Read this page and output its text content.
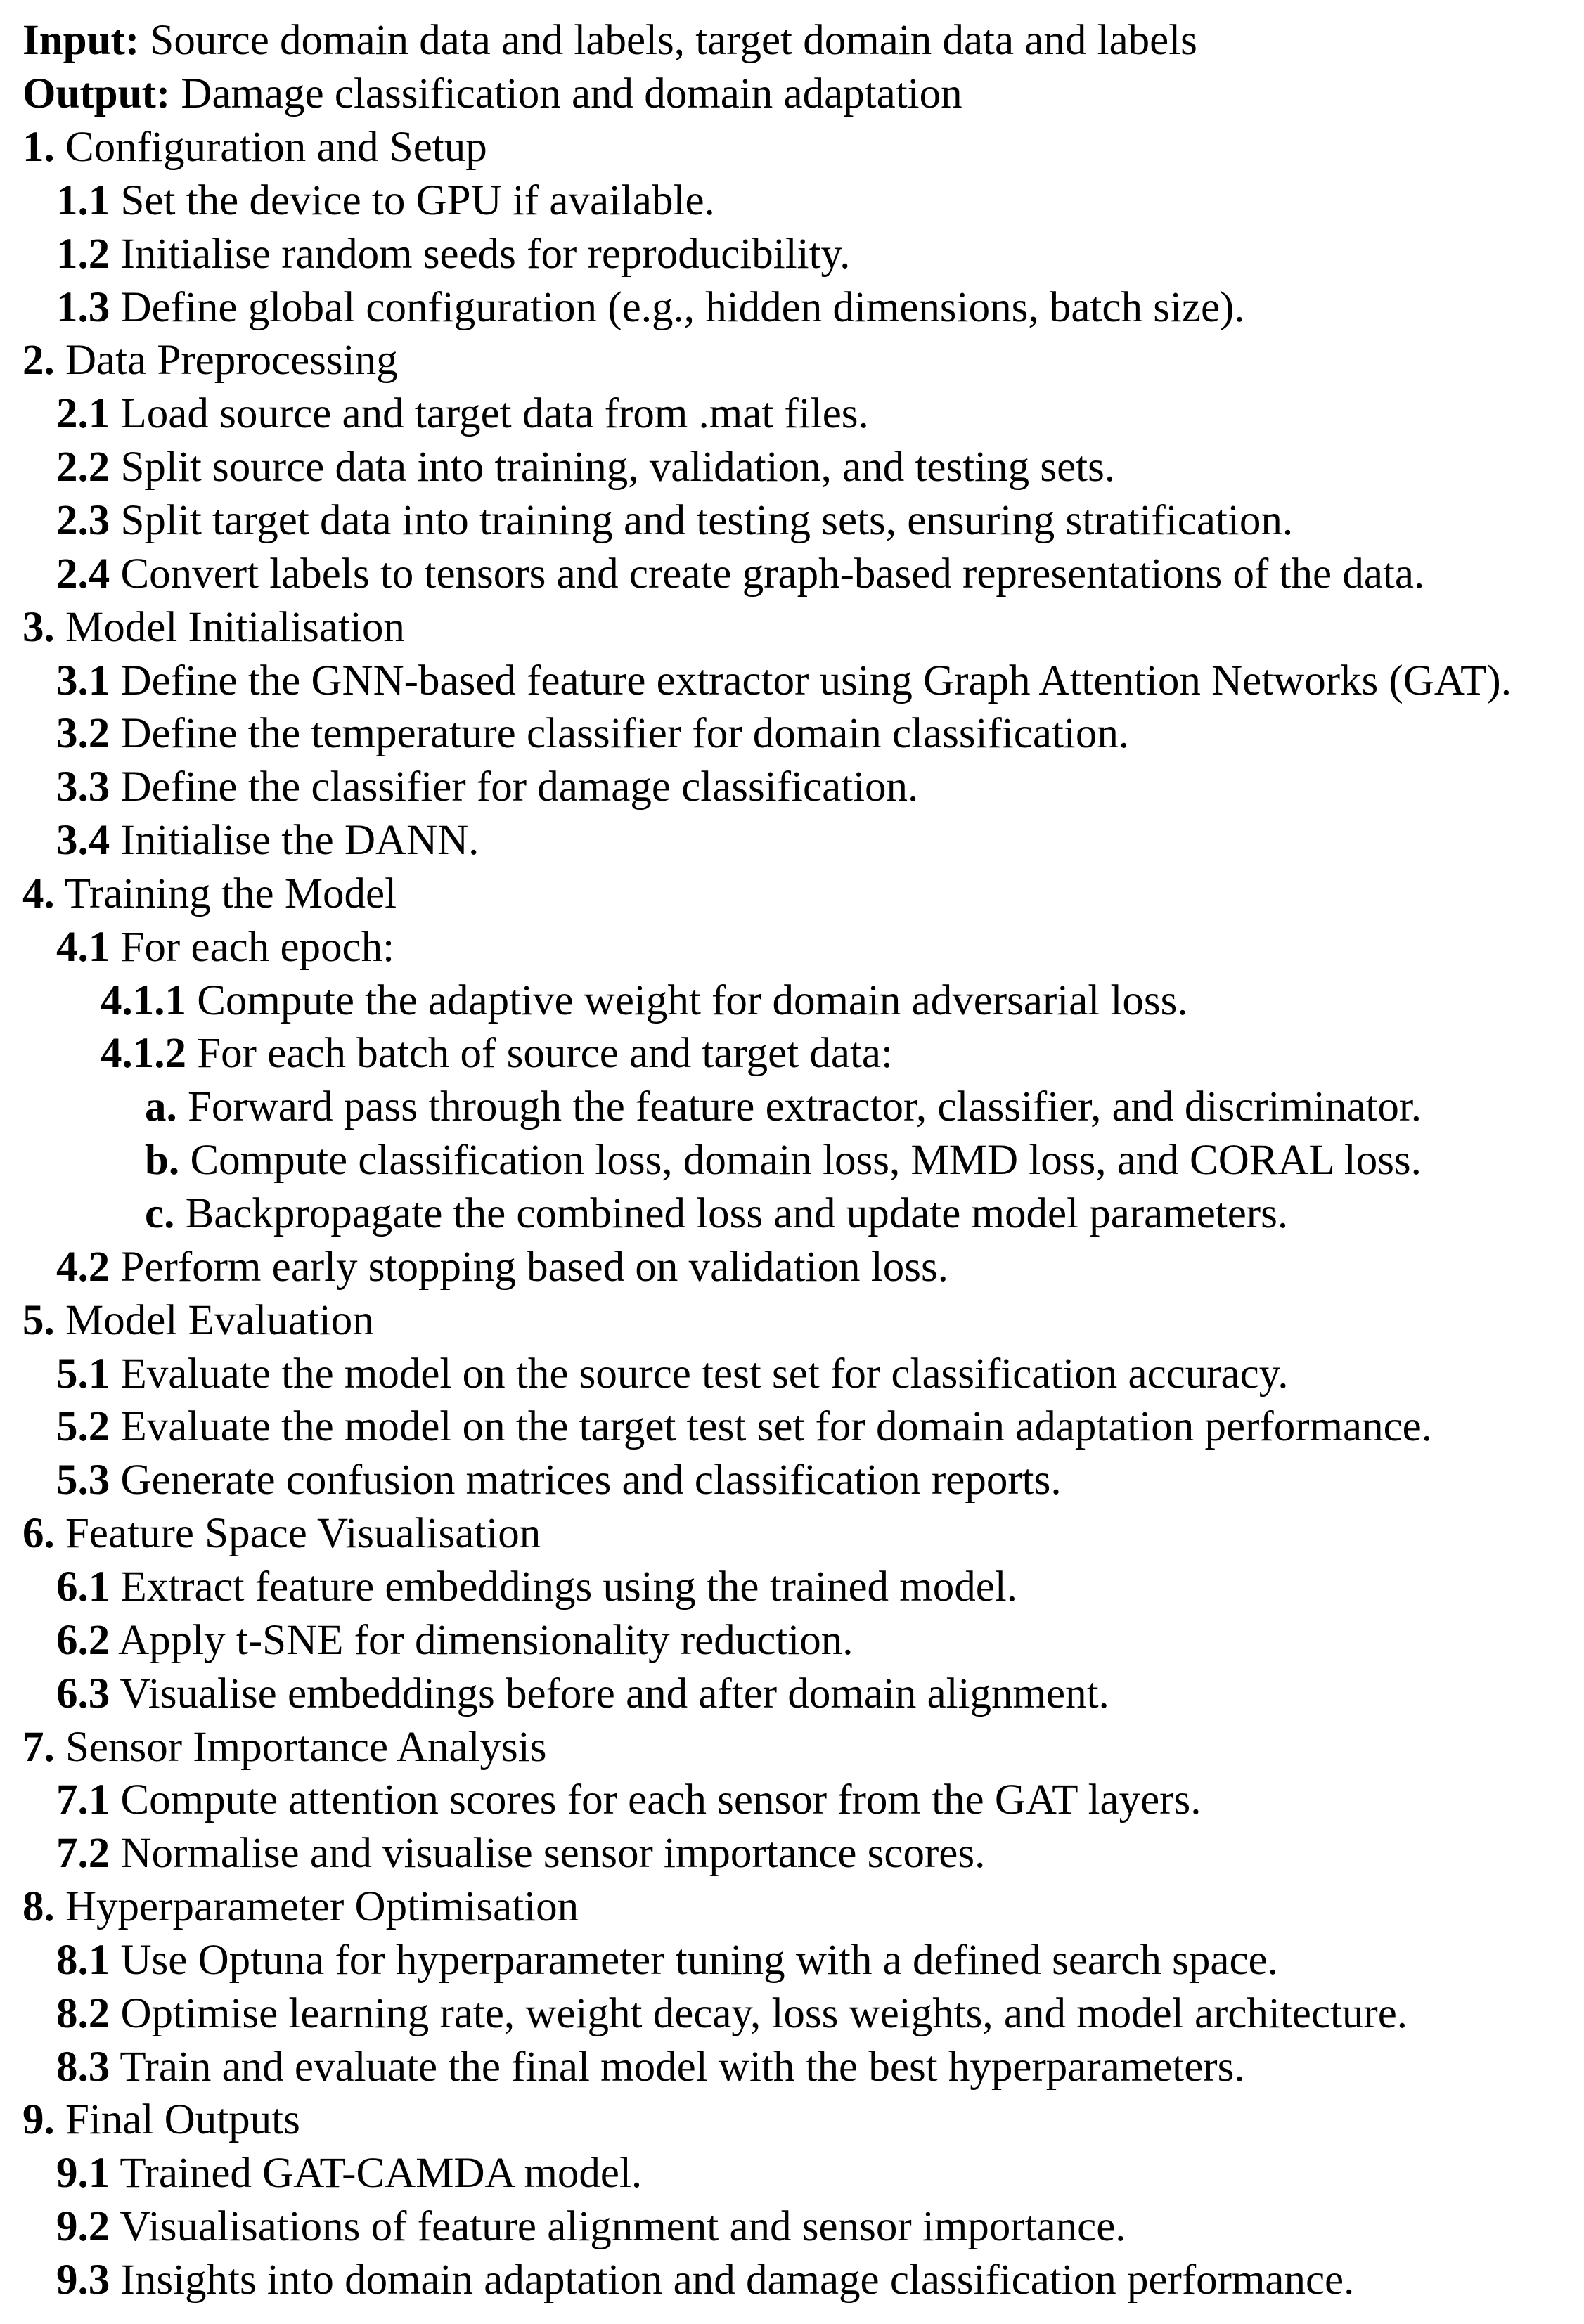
Input: Source domain data and labels, target domain data and labels
Output: Damage classification and domain adaptation
1. Configuration and Setup
1.1 Set the device to GPU if available.
1.2 Initialise random seeds for reproducibility.
1.3 Define global configuration (e.g., hidden dimensions, batch size).
2. Data Preprocessing
2.1 Load source and target data from .mat files.
2.2 Split source data into training, validation, and testing sets.
2.3 Split target data into training and testing sets, ensuring stratification.
2.4 Convert labels to tensors and create graph-based representations of the data.
3. Model Initialisation
3.1 Define the GNN-based feature extractor using Graph Attention Networks (GAT).
3.2 Define the temperature classifier for domain classification.
3.3 Define the classifier for damage classification.
3.4 Initialise the DANN.
4. Training the Model
4.1 For each epoch:
4.1.1 Compute the adaptive weight for domain adversarial loss.
4.1.2 For each batch of source and target data:
a. Forward pass through the feature extractor, classifier, and discriminator.
b. Compute classification loss, domain loss, MMD loss, and CORAL loss.
c. Backpropagate the combined loss and update model parameters.
4.2 Perform early stopping based on validation loss.
5. Model Evaluation
5.1 Evaluate the model on the source test set for classification accuracy.
5.2 Evaluate the model on the target test set for domain adaptation performance.
5.3 Generate confusion matrices and classification reports.
6. Feature Space Visualisation
6.1 Extract feature embeddings using the trained model.
6.2 Apply t-SNE for dimensionality reduction.
6.3 Visualise embeddings before and after domain alignment.
7. Sensor Importance Analysis
7.1 Compute attention scores for each sensor from the GAT layers.
7.2 Normalise and visualise sensor importance scores.
8. Hyperparameter Optimisation
8.1 Use Optuna for hyperparameter tuning with a defined search space.
8.2 Optimise learning rate, weight decay, loss weights, and model architecture.
8.3 Train and evaluate the final model with the best hyperparameters.
9. Final Outputs
9.1 Trained GAT-CAMDA model.
9.2 Visualisations of feature alignment and sensor importance.
9.3 Insights into domain adaptation and damage classification performance.
